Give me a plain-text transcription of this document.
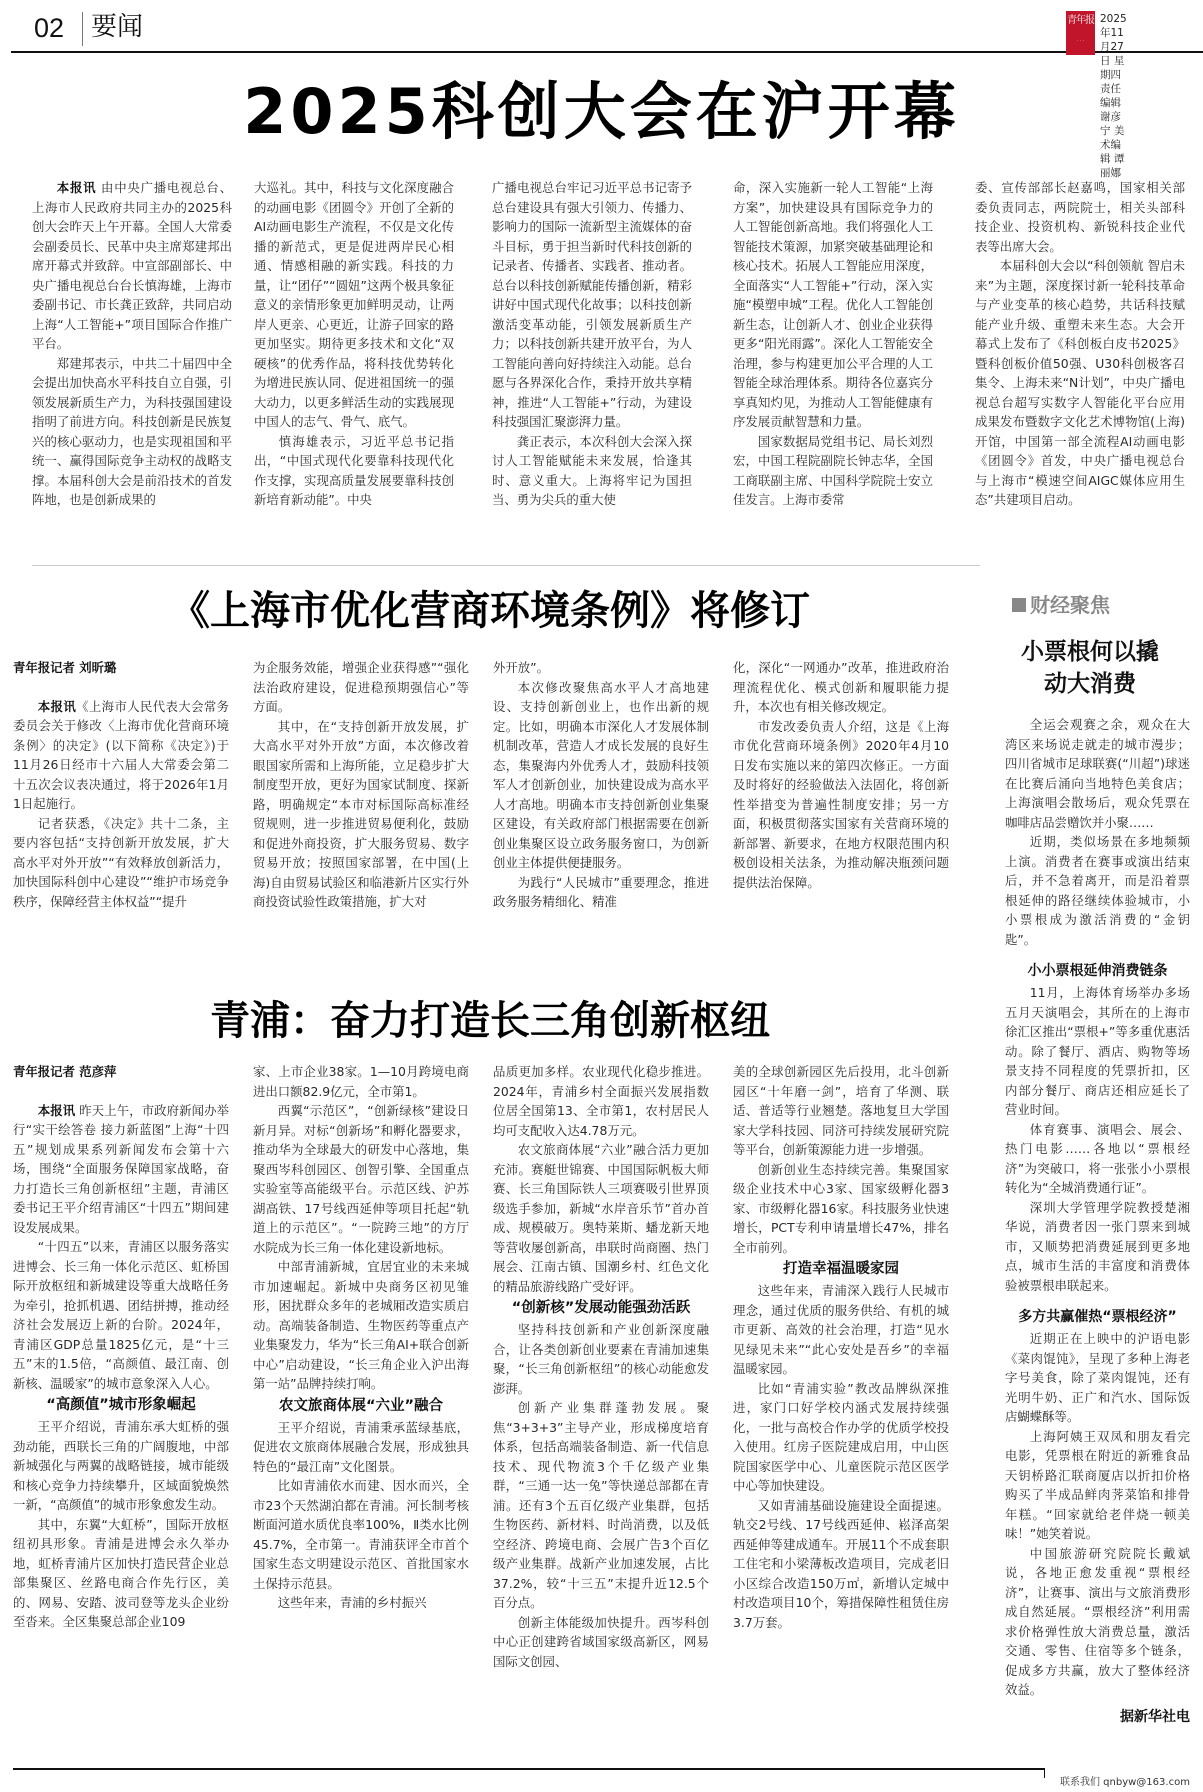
02 要闻	青年报
· · ·
2025年11月27日 星期四
责任编辑 谢彦宁 美术编辑 谭丽娜
2025科创大会在沪开幕

本报讯 由中央广播电视总台、上海市人民政府共同主办的2025科创大会昨天上午开幕。全国人大常委会副委员长、民革中央主席郑建邦出席开幕式并致辞。中宣部副部长、中央广播电视总台台长慎海雄，上海市委副书记、市长龚正致辞，共同启动上海“人工智能+”项目国际合作推广平台。

郑建邦表示，中共二十届四中全会提出加快高水平科技自立自强，引领发展新质生产力，为科技强国建设指明了前进方向。科技创新是民族复兴的核心驱动力，也是实现祖国和平统一、赢得国际竞争主动权的战略支撑。本届科创大会是前沿技术的首发阵地，也是创新成果的

大巡礼。其中，科技与文化深度融合的动画电影《团圆令》开创了全新的AI动画电影生产流程，不仅是文化传播的新范式，更是促进两岸民心相通、情感相融的新实践。科技的力量，让“团仔”“圆妞”这两个极具象征意义的亲情形象更加鲜明灵动，让两岸人更亲、心更近，让游子回家的路更加坚实。期待更多技术和文化“双硬核”的优秀作品，将科技优势转化为增进民族认同、促进祖国统一的强大动力，以更多鲜活生动的实践展现中国人的志气、骨气、底气。

慎海雄表示，习近平总书记指出，“中国式现代化要靠科技现代化作支撑，实现高质量发展要靠科技创新培育新动能”。中央

广播电视总台牢记习近平总书记寄予总台建设具有强大引领力、传播力、影响力的国际一流新型主流媒体的奋斗目标，勇于担当新时代科技创新的记录者、传播者、实践者、推动者。总台以科技创新赋能传播创新，精彩讲好中国式现代化故事；以科技创新激活变革动能，引领发展新质生产力；以科技创新共建开放平台，为人工智能向善向好持续注入动能。总台愿与各界深化合作，秉持开放共享精神，推进“人工智能+”行动，为建设科技强国汇聚澎湃力量。

龚正表示，本次科创大会深入探讨人工智能赋能未来发展，恰逢其时、意义重大。上海将牢记为国担当、勇为尖兵的重大使

命，深入实施新一轮人工智能“上海方案”，加快建设具有国际竞争力的人工智能创新高地。我们将强化人工智能技术策源，加紧突破基础理论和核心技术。拓展人工智能应用深度，全面落实“人工智能+”行动，深入实施“模塑申城”工程。优化人工智能创新生态，让创新人才、创业企业获得更多“阳光雨露”。深化人工智能安全治理，参与构建更加公平合理的人工智能全球治理体系。期待各位嘉宾分享真知灼见，为推动人工智能健康有序发展贡献智慧和力量。

国家数据局党组书记、局长刘烈宏，中国工程院副院长钟志华，全国工商联副主席、中国科学院院士安立佳发言。上海市委常

委、宣传部部长赵嘉鸣，国家相关部委负责同志，两院院士，相关头部科技企业、投资机构、新锐科技企业代表等出席大会。

本届科创大会以“科创领航 智启未来”为主题，深度探讨新一轮科技革命与产业变革的核心趋势，共话科技赋能产业升级、重塑未来生态。大会开幕式上发布了《科创板白皮书2025》暨科创板价值50强、U30科创极客召集令、上海未来“N计划”，中央广播电视总台超写实数字人智能化平台应用成果发布暨数字文化艺术博物馆(上海)开馆，中国第一部全流程AI动画电影《团圆令》首发，中央广播电视总台与上海市“模速空间AIGC媒体应用生态”共建项目启动。

《上海市优化营商环境条例》将修订

青年报记者 刘昕璐

本报讯《上海市人民代表大会常务委员会关于修改〈上海市优化营商环境条例〉的决定》(以下简称《决定》)于11月26日经市十六届人大常委会第二十五次会议表决通过，将于2026年1月1日起施行。

记者获悉，《决定》共十二条，主要内容包括“支持创新开放发展，扩大高水平对外开放”“有效释放创新活力，加快国际科创中心建设”“维护市场竞争秩序，保障经营主体权益”“提升

为企服务效能，增强企业获得感”“强化法治政府建设，促进稳预期强信心”等方面。

其中，在“支持创新开放发展，扩大高水平对外开放”方面，本次修改着眼国家所需和上海所能，立足稳步扩大制度型开放，更好为国家试制度、探新路，明确规定“本市对标国际高标准经贸规则，进一步推进贸易便利化，鼓励和促进外商投资，扩大服务贸易、数字贸易开放；按照国家部署，在中国(上海)自由贸易试验区和临港新片区实行外商投资试验性政策措施，扩大对

外开放”。

本次修改聚焦高水平人才高地建设、支持创新创业上，也作出新的规定。比如，明确本市深化人才发展体制机制改革，营造人才成长发展的良好生态，集聚海内外优秀人才，鼓励科技领军人才创新创业，加快建设成为高水平人才高地。明确本市支持创新创业集聚区建设，有关政府部门根据需要在创新创业集聚区设立政务服务窗口，为创新创业主体提供便捷服务。

为践行“人民城市”重要理念，推进政务服务精细化、精准

化，深化“一网通办”改革，推进政府治理流程优化、模式创新和履职能力提升，本次也有相关修改规定。

市发改委负责人介绍，这是《上海市优化营商环境条例》2020年4月10日发布实施以来的第四次修正。一方面及时将好的经验做法入法固化，将创新性举措变为普遍性制度安排；另一方面，积极贯彻落实国家有关营商环境的新部署、新要求，在地方权限范围内积极创设相关法条，为推动解决瓶颈问题提供法治保障。

青浦：奋力打造长三角创新枢纽

青年报记者 范彦萍

本报讯 昨天上午，市政府新闻办举行“实干绘答卷 接力新蓝图”上海“十四五”规划成果系列新闻发布会第十六场，围绕“全面服务保障国家战略，奋力打造长三角创新枢纽”主题，青浦区委书记王平介绍青浦区“十四五”期间建设发展成果。

“十四五”以来，青浦区以服务落实进博会、长三角一体化示范区、虹桥国际开放枢纽和新城建设等重大战略任务为牵引，抢抓机遇、团结拼搏，推动经济社会发展迈上新的台阶。2024年，青浦区GDP总量1825亿元，是“十三五”末的1.5倍，“高颜值、最江南、创新核、温暖家”的城市意象深入人心。

“高颜值”城市形象崛起

王平介绍说，青浦东承大虹桥的强劲动能，西联长三角的广阔腹地，中部新城强化与两翼的战略链接，城市能级和核心竞争力持续攀升，区域面貌焕然一新，“高颜值”的城市形象愈发生动。

其中，东翼“大虹桥”，国际开放枢纽初具形象。青浦是进博会永久举办地，虹桥青浦片区加快打造民营企业总部集聚区、丝路电商合作先行区，美的、网易、安踏、波司登等龙头企业纷至沓来。全区集聚总部企业109

家、上市企业38家。1—10月跨境电商进出口额82.9亿元，全市第1。

西翼“示范区”，“创新绿核”建设日新月异。对标“创新场”和孵化器要求，推动华为全球最大的研发中心落地，集聚西岑科创园区、创智引擎、全国重点实验室等高能级平台。示范区线、沪苏湖高铁、17号线西延伸等项目托起“轨道上的示范区”。“一院跨三地”的方厅水院成为长三角一体化建设新地标。

中部青浦新城，宜居宜业的未来城市加速崛起。新城中央商务区初见雏形，困扰群众多年的老城厢改造实质启动。高端装备制造、生物医药等重点产业集聚发力，华为“长三角AI+联合创新中心”启动建设，“长三角企业入沪出海第一站”品牌持续打响。

农文旅商体展“六业”融合

王平介绍说，青浦秉承蓝绿基底，促进农文旅商体展融合发展，形成独具特色的“最江南”文化图景。

比如青浦依水而建、因水而兴，全市23个天然湖泊都在青浦。河长制考核断面河道水质优良率100%，Ⅱ类水比例45.7%，全市第一。青浦获评全市首个国家生态文明建设示范区、首批国家水土保持示范县。

这些年来，青浦的乡村振兴

品质更加多样。农业现代化稳步推进。2024年，青浦乡村全面振兴发展指数位居全国第13、全市第1，农村居民人均可支配收入达4.78万元。

农文旅商体展“六业”融合活力更加充沛。赛艇世锦赛、中国国际帆板大师赛、长三角国际铁人三项赛吸引世界顶级选手参加，新城“水岸音乐节”首办首成、规模破万。奥特莱斯、蟠龙新天地等营收屡创新高，串联时尚商圈、热门展会、江南古镇、国潮乡村、红色文化的精品旅游线路广受好评。

“创新核”发展动能强劲活跃

坚持科技创新和产业创新深度融合，让各类创新创业要素在青浦加速集聚，“长三角创新枢纽”的核心动能愈发澎湃。

创新产业集群蓬勃发展。聚焦“3+3+3”主导产业，形成梯度培育体系，包括高端装备制造、新一代信息技术、现代物流3个千亿级产业集群，“三通一达一兔”等快递总部都在青浦。还有3个五百亿级产业集群，包括生物医药、新材料、时尚消费，以及低空经济、跨境电商、会展广告3个百亿级产业集群。战新产业加速发展，占比37.2%，较“十三五”末提升近12.5个百分点。

创新主体能级加快提升。西岑科创中心正创建跨省域国家级高新区，网易国际文创园、

美的全球创新园区先后投用，北斗创新园区“十年磨一剑”，培育了华测、联适、普适等行业翘楚。落地复旦大学国家大学科技园、同济可持续发展研究院等平台，创新策源能力进一步增强。

创新创业生态持续完善。集聚国家级企业技术中心3家、国家级孵化器3家、市级孵化器16家。科技服务业快速增长，PCT专利申请量增长47%，排名全市前列。

打造幸福温暖家园

这些年来，青浦深入践行人民城市理念，通过优质的服务供给、有机的城市更新、高效的社会治理，打造“见水见绿见未来”“此心安处是吾乡”的幸福温暖家园。

比如“青浦实验”教改品牌纵深推进，家门口好学校内涵式发展持续强化，一批与高校合作办学的优质学校投入使用。红房子医院建成启用，中山医院国家医学中心、儿童医院示范区医学中心等加快建设。

又如青浦基础设施建设全面提速。轨交2号线、17号线西延伸、崧泽高架西延伸等建成通车。开展11个不成套职工住宅和小梁薄板改造项目，完成老旧小区综合改造150万㎡，新增认定城中村改造项目10个，筹措保障性租赁住房3.7万套。

财经聚焦
小票根何以撬动大消费

全运会观赛之余，观众在大湾区来场说走就走的城市漫步；四川省城市足球联赛(“川超”)球迷在比赛后涌向当地特色美食店；上海演唱会散场后，观众凭票在咖啡店品尝赠饮并小聚……

近期，类似场景在多地频频上演。消费者在赛事或演出结束后，并不急着离开，而是沿着票根延伸的路径继续体验城市，小小票根成为激活消费的“金钥匙”。

小小票根延伸消费链条

11月，上海体育场举办多场五月天演唱会，其所在的上海市徐汇区推出“票根+”等多重优惠活动。除了餐厅、酒店、购物等场景支持不同程度的凭票折扣，区内部分餐厅、商店还相应延长了营业时间。

体育赛事、演唱会、展会、热门电影……各地以“票根经济”为突破口，将一张张小小票根转化为“全城消费通行证”。

深圳大学管理学院教授楚湘华说，消费者因一张门票来到城市，又顺势把消费延展到更多地点，城市生活的丰富度和消费体验被票根串联起来。

多方共赢催热“票根经济”

近期正在上映中的沪语电影《菜肉馄饨》，呈现了多种上海老字号美食，除了菜肉馄饨，还有光明牛奶、正广和汽水、国际饭店蝴蝶酥等。

上海阿姨王双凤和朋友看完电影，凭票根在附近的新雅食品天钥桥路汇联商厦店以折扣价格购买了半成品鲜肉荠菜馅和排骨年糕。“回家就给老伴烧一顿美味！”她笑着说。

中国旅游研究院院长戴斌说，各地正愈发重视“票根经济”，让赛事、演出与文旅消费形成自然延展。“票根经济”利用需求价格弹性放大消费总量，激活交通、零售、住宿等多个链条，促成多方共赢，放大了整体经济效益。

据新华社电

联系我们 qnbyw@163.com
